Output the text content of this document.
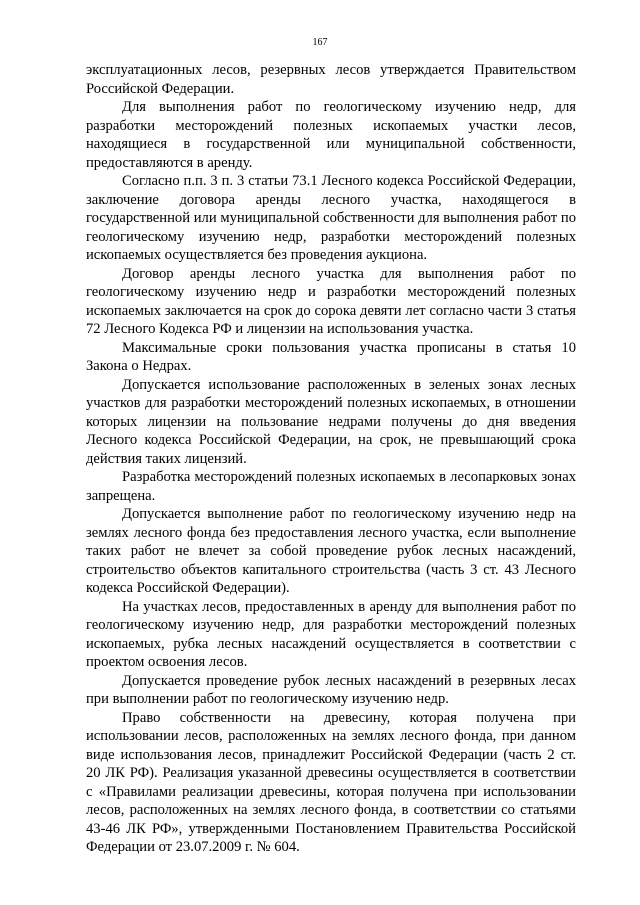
167

эксплуатационных лесов, резервных лесов утверждается Правительством Российской Федерации.

Для выполнения работ по геологическому изучению недр, для разработки месторождений полезных ископаемых участки лесов, находящиеся в государственной или муниципальной собственности, предоставляются в аренду.

Согласно п.п. 3 п. 3 статьи 73.1 Лесного кодекса Российской Федерации, заключение договора аренды лесного участка, находящегося в государственной или муниципальной собственности для выполнения работ по геологическому изучению недр, разработки месторождений полезных ископаемых осуществляется без проведения аукциона.

Договор аренды лесного участка для выполнения работ по геологическому изучению недр и разработки месторождений полезных ископаемых заключается на срок до сорока девяти лет согласно части 3 статья 72 Лесного Кодекса РФ и лицензии на использования участка.

Максимальные сроки пользования участка прописаны в статья 10 Закона о Недрах.

Допускается использование расположенных в зеленых зонах лесных участков для разработки месторождений полезных ископаемых, в отношении которых лицензии на пользование недрами получены до дня введения Лесного кодекса Российской Федерации, на срок, не превышающий срока действия таких лицензий.

Разработка месторождений полезных ископаемых в лесопарковых зонах запрещена.

Допускается выполнение работ по геологическому изучению недр на землях лесного фонда без предоставления лесного участка, если выполнение таких работ не влечет за собой проведение рубок лесных насаждений, строительство объектов капитального строительства (часть 3 ст. 43 Лесного кодекса Российской Федерации).

На участках лесов, предоставленных в аренду для выполнения работ по геологическому изучению недр, для разработки месторождений полезных ископаемых, рубка лесных насаждений осуществляется в соответствии с проектом освоения лесов.

Допускается проведение рубок лесных насаждений в резервных лесах при выполнении работ по геологическому изучению недр.

Право собственности на древесину, которая получена при использовании лесов, расположенных на землях лесного фонда, при данном виде использования лесов, принадлежит Российской Федерации (часть 2 ст. 20 ЛК РФ). Реализация указанной древесины осуществляется в соответствии с «Правилами реализации древесины, которая получена при использовании лесов, расположенных на землях лесного фонда, в соответствии со статьями 43-46 ЛК РФ», утвержденными Постановлением Правительства Российской Федерации от 23.07.2009 г. № 604.
